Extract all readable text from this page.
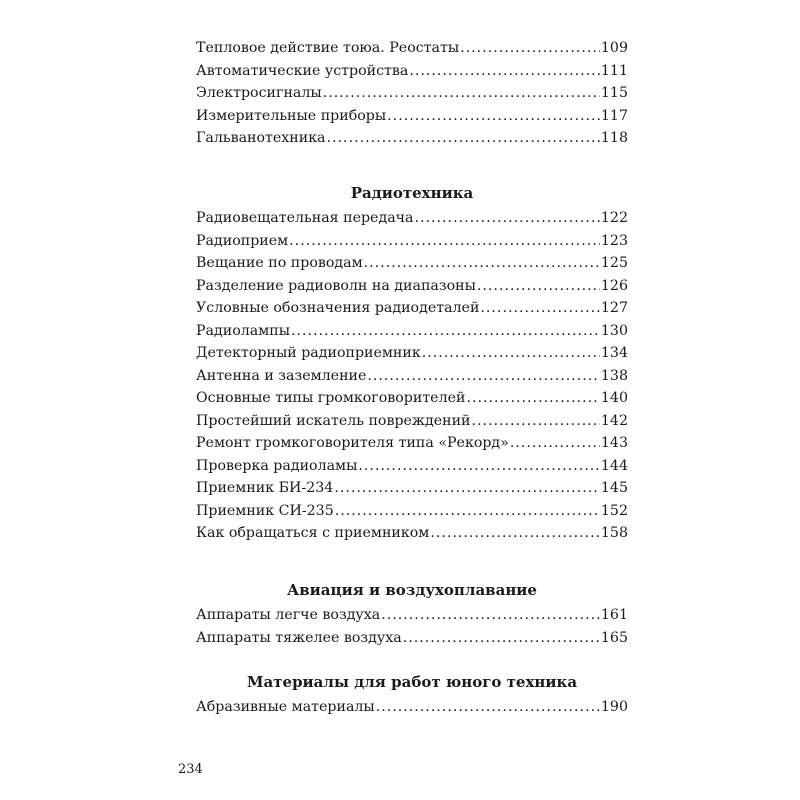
Тепловое действие тоюа. Реостаты .....	109
Автоматические устройства .....	111
Электросигналы .....	115
Измерительные приборы .....	117
Гальванотехника .....	118
Радиотехника
Радиовещательная передача .....	122
Радиоприем .....	123
Вещание по проводам .....	125
Разделение радиоволн на диапазоны .....	126
Условные обозначения радиодеталей .....	127
Радиолампы .....	130
Детекторный радиоприемник .....	134
Антенна и заземление .....	138
Основные типы громкоговорителей .....	140
Простейший искатель повреждений .....	142
Ремонт громкоговорителя типа «Рекорд» .....	143
Проверка радиоламы .....	144
Приемник БИ-234 .....	145
Приемник СИ-235 .....	152
Как обращаться с приемником .....	158
Авиация и воздухоплавание
Аппараты легче воздуха .....	161
Аппараты тяжелее воздуха .....	165
Материалы для работ юного техника
Абразивные материалы .....	190
234
